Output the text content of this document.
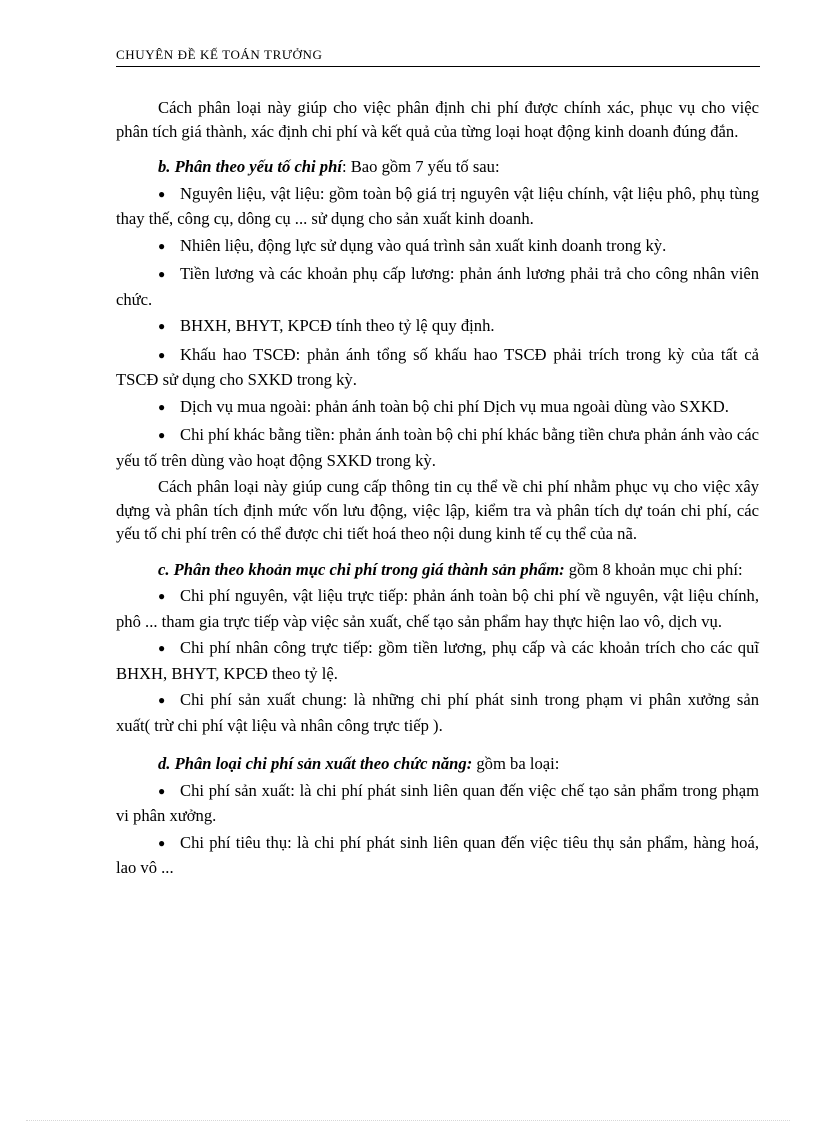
CHUYÊN ĐỀ KẾ TOÁN TRƯỞNG

Cách phân loại này giúp cho việc phân định chi phí được chính xác, phục vụ cho việc phân tích giá thành, xác định chi phí và kết quả của từng loại hoạt động kinh doanh đúng đắn.

b. Phân theo yếu tố chi phí: Bao gồm 7 yếu tố sau:

● Nguyên liệu, vật liệu: gồm toàn bộ giá trị nguyên vật liệu chính, vật liệu phô, phụ tùng thay thế, công cụ, dông cụ ... sử dụng cho sản xuất kinh doanh.

● Nhiên liệu, động lực sử dụng vào quá trình sản xuất kinh doanh trong kỳ.

● Tiền lương và các khoản phụ cấp lương: phản ánh lương phải trả cho công nhân viên chức.

● BHXH, BHYT, KPCĐ tính theo tỷ lệ quy định.

● Khấu hao TSCĐ: phản ánh tổng số khấu hao TSCĐ phải trích trong kỳ của tất cả TSCĐ sử dụng cho SXKD trong kỳ.

● Dịch vụ mua ngoài: phản ánh toàn bộ chi phí Dịch vụ mua ngoài dùng vào SXKD.

● Chi phí khác bằng tiền: phản ánh toàn bộ chi phí khác bằng tiền chưa phản ánh vào các yếu tố trên dùng vào hoạt động SXKD trong kỳ.

Cách phân loại này giúp cung cấp thông tin cụ thể về chi phí nhằm phục vụ cho việc xây dựng và phân tích định mức vốn lưu động, việc lập, kiểm tra và phân tích dự toán chi phí, các yếu tố chi phí trên có thể được chi tiết hoá theo nội dung kinh tế cụ thể của nã.

c. Phân theo khoản mục chi phí trong giá thành sản phẩm: gồm 8 khoản mục chi phí:

● Chi phí nguyên, vật liệu trực tiếp: phản ánh toàn bộ chi phí về nguyên, vật liệu chính, phô ... tham gia trực tiếp vàp việc sản xuất, chế tạo sản phẩm hay thực hiện lao vô, dịch vụ.

● Chi phí nhân công trực tiếp: gồm tiền lương, phụ cấp và các khoản trích cho các quĩ BHXH, BHYT, KPCĐ theo tỷ lệ.

● Chi phí sản xuất chung: là những chi phí phát sinh trong phạm vi phân xưởng sản xuất( trừ chi phí vật liệu và nhân công trực tiếp ).

d. Phân loại chi phí sản xuất theo chức năng: gồm ba loại:

● Chi phí sản xuất: là chi phí phát sinh liên quan đến việc chế tạo sản phẩm trong phạm vi phân xưởng.

● Chi phí tiêu thụ: là chi phí phát sinh liên quan đến việc tiêu thụ sản phẩm, hàng hoá, lao vô ...
